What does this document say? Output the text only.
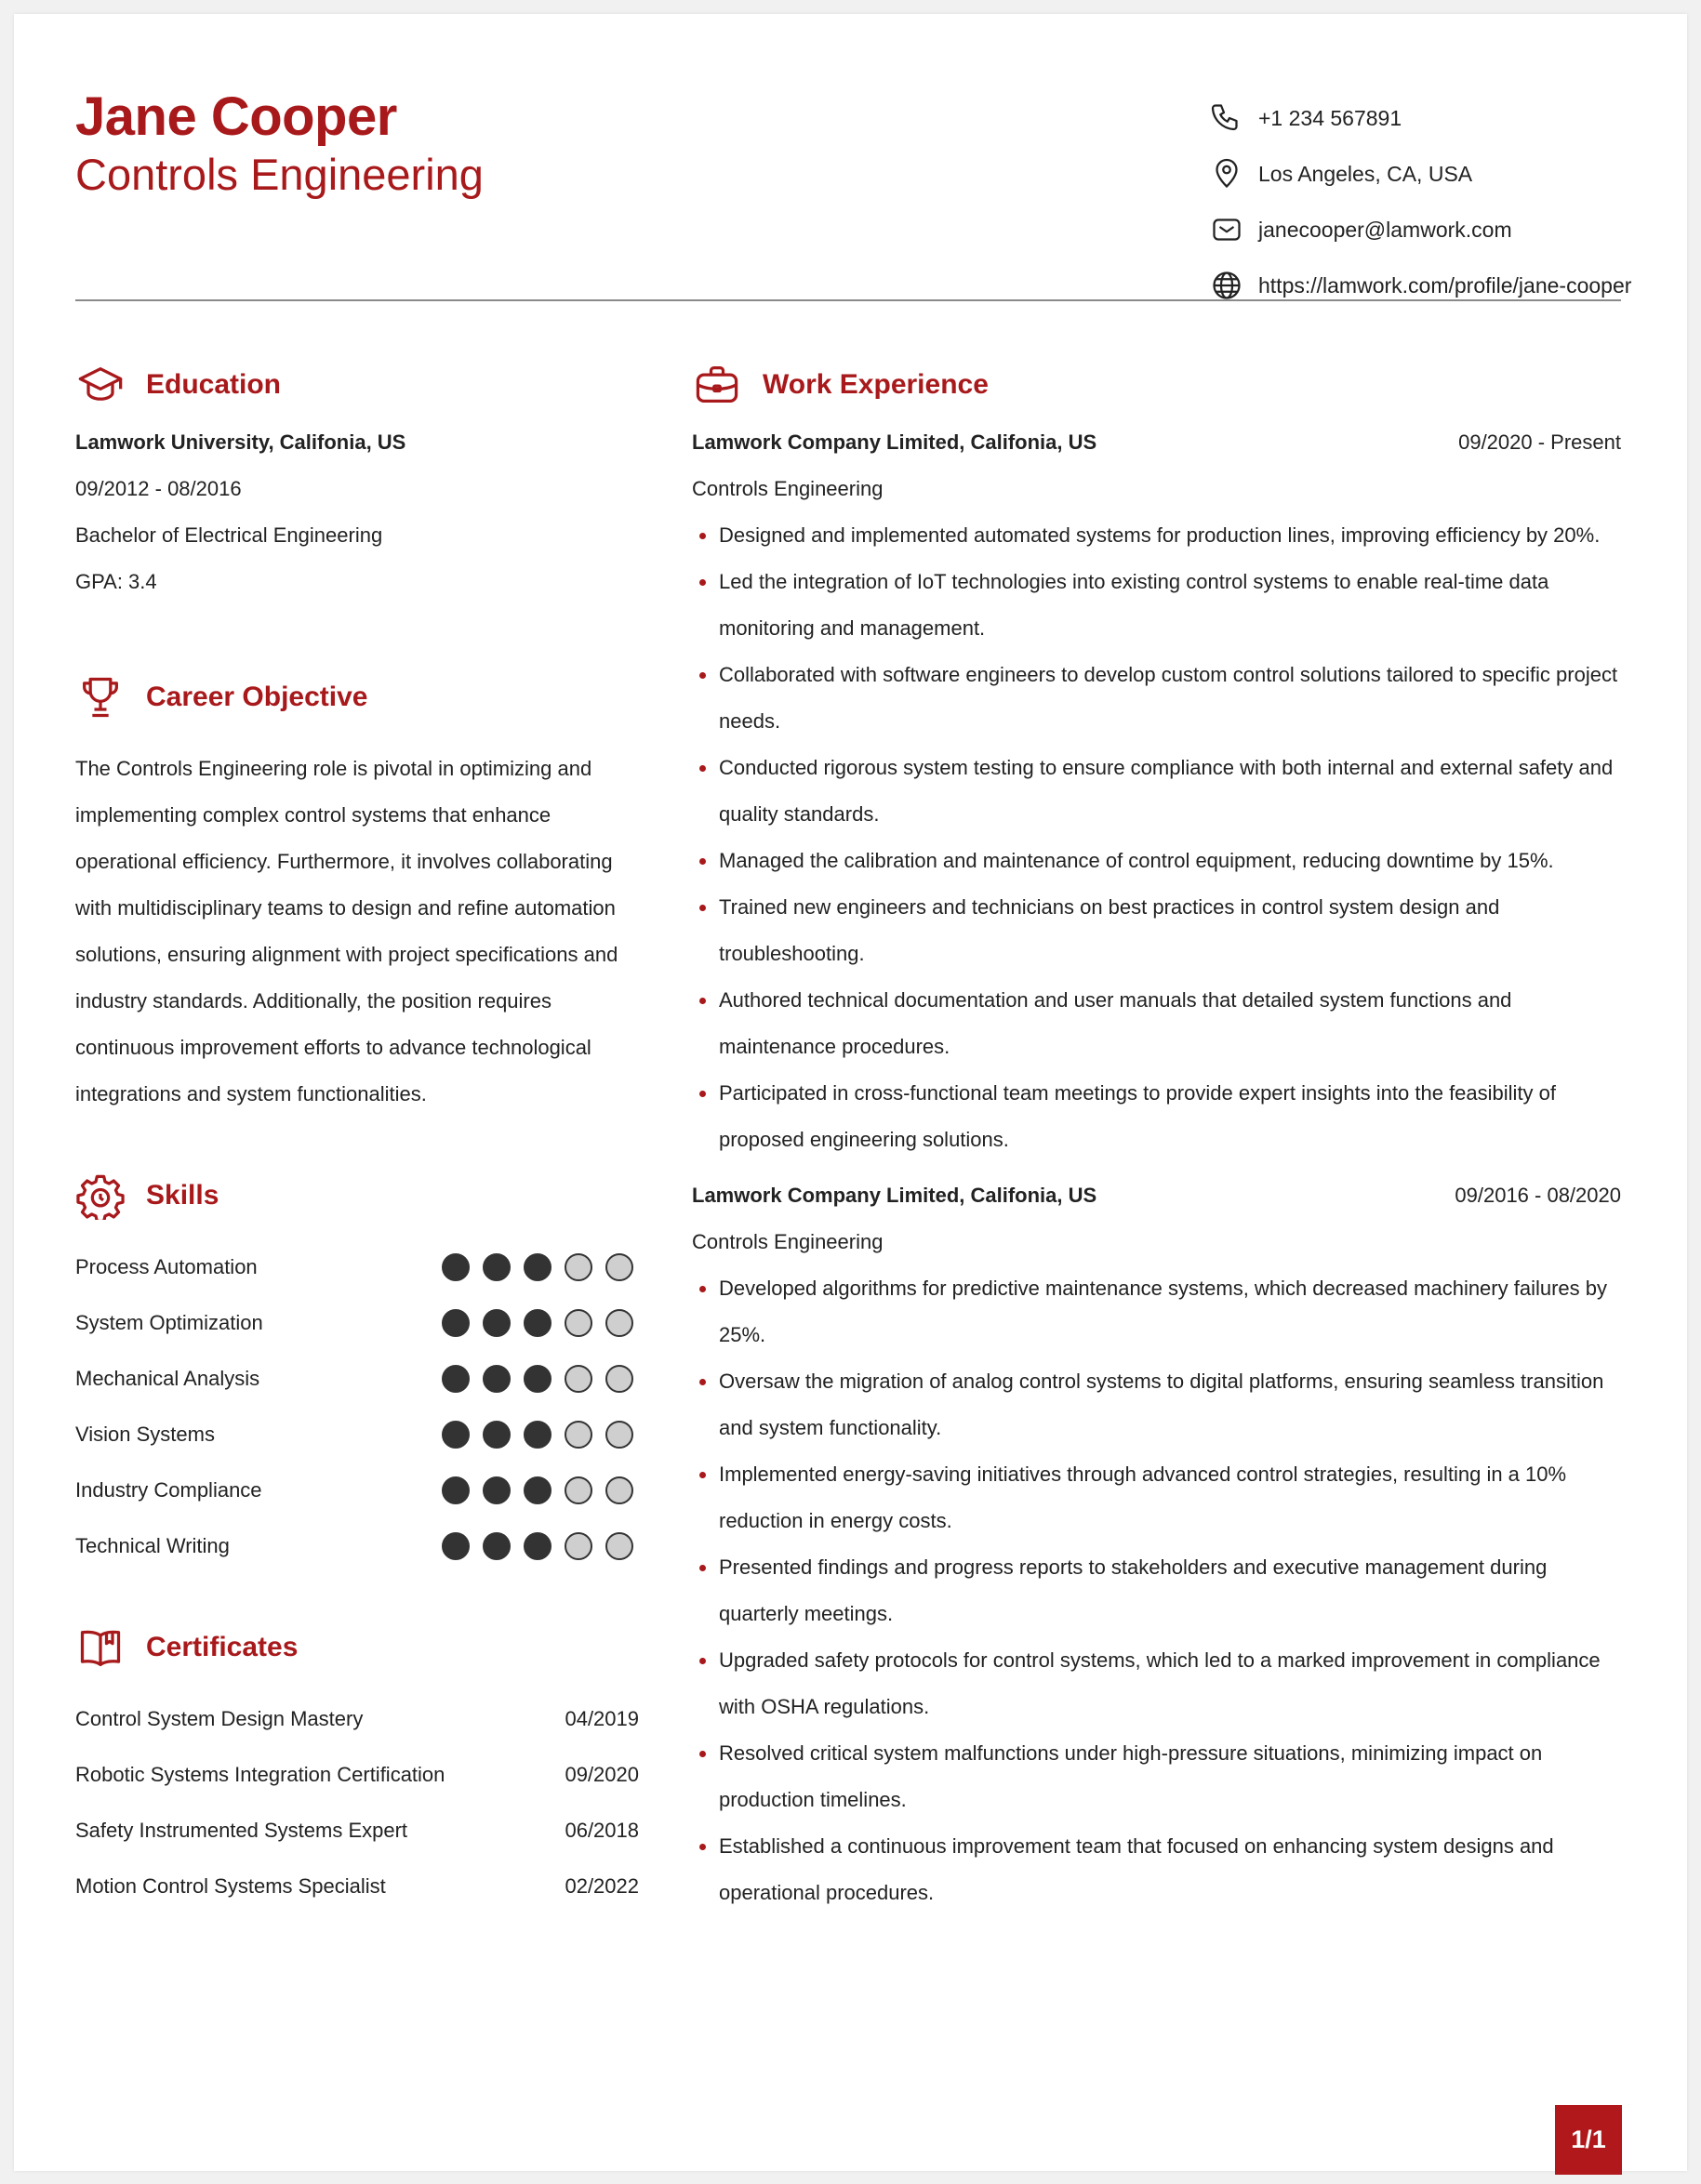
Jane Cooper
Controls Engineering
+1 234 567891
Los Angeles, CA, USA
janecooper@lamwork.com
https://lamwork.com/profile/jane-cooper
Education
Lamwork University, Califonia, US
09/2012 - 08/2016
Bachelor of Electrical Engineering
GPA: 3.4
Career Objective
The Controls Engineering role is pivotal in optimizing and implementing complex control systems that enhance operational efficiency. Furthermore, it involves collaborating with multidisciplinary teams to design and refine automation solutions, ensuring alignment with project specifications and industry standards. Additionally, the position requires continuous improvement efforts to advance technological integrations and system functionalities.
Skills
Process Automation
System Optimization
Mechanical Analysis
Vision Systems
Industry Compliance
Technical Writing
Certificates
Control System Design Mastery	04/2019
Robotic Systems Integration Certification	09/2020
Safety Instrumented Systems Expert	06/2018
Motion Control Systems Specialist	02/2022
Work Experience
Lamwork Company Limited, Califonia, US	09/2020 - Present
Controls Engineering
Designed and implemented automated systems for production lines, improving efficiency by 20%.
Led the integration of IoT technologies into existing control systems to enable real-time data monitoring and management.
Collaborated with software engineers to develop custom control solutions tailored to specific project needs.
Conducted rigorous system testing to ensure compliance with both internal and external safety and quality standards.
Managed the calibration and maintenance of control equipment, reducing downtime by 15%.
Trained new engineers and technicians on best practices in control system design and troubleshooting.
Authored technical documentation and user manuals that detailed system functions and maintenance procedures.
Participated in cross-functional team meetings to provide expert insights into the feasibility of proposed engineering solutions.
Lamwork Company Limited, Califonia, US	09/2016 - 08/2020
Controls Engineering
Developed algorithms for predictive maintenance systems, which decreased machinery failures by 25%.
Oversaw the migration of analog control systems to digital platforms, ensuring seamless transition and system functionality.
Implemented energy-saving initiatives through advanced control strategies, resulting in a 10% reduction in energy costs.
Presented findings and progress reports to stakeholders and executive management during quarterly meetings.
Upgraded safety protocols for control systems, which led to a marked improvement in compliance with OSHA regulations.
Resolved critical system malfunctions under high-pressure situations, minimizing impact on production timelines.
Established a continuous improvement team that focused on enhancing system designs and operational procedures.
1/1
